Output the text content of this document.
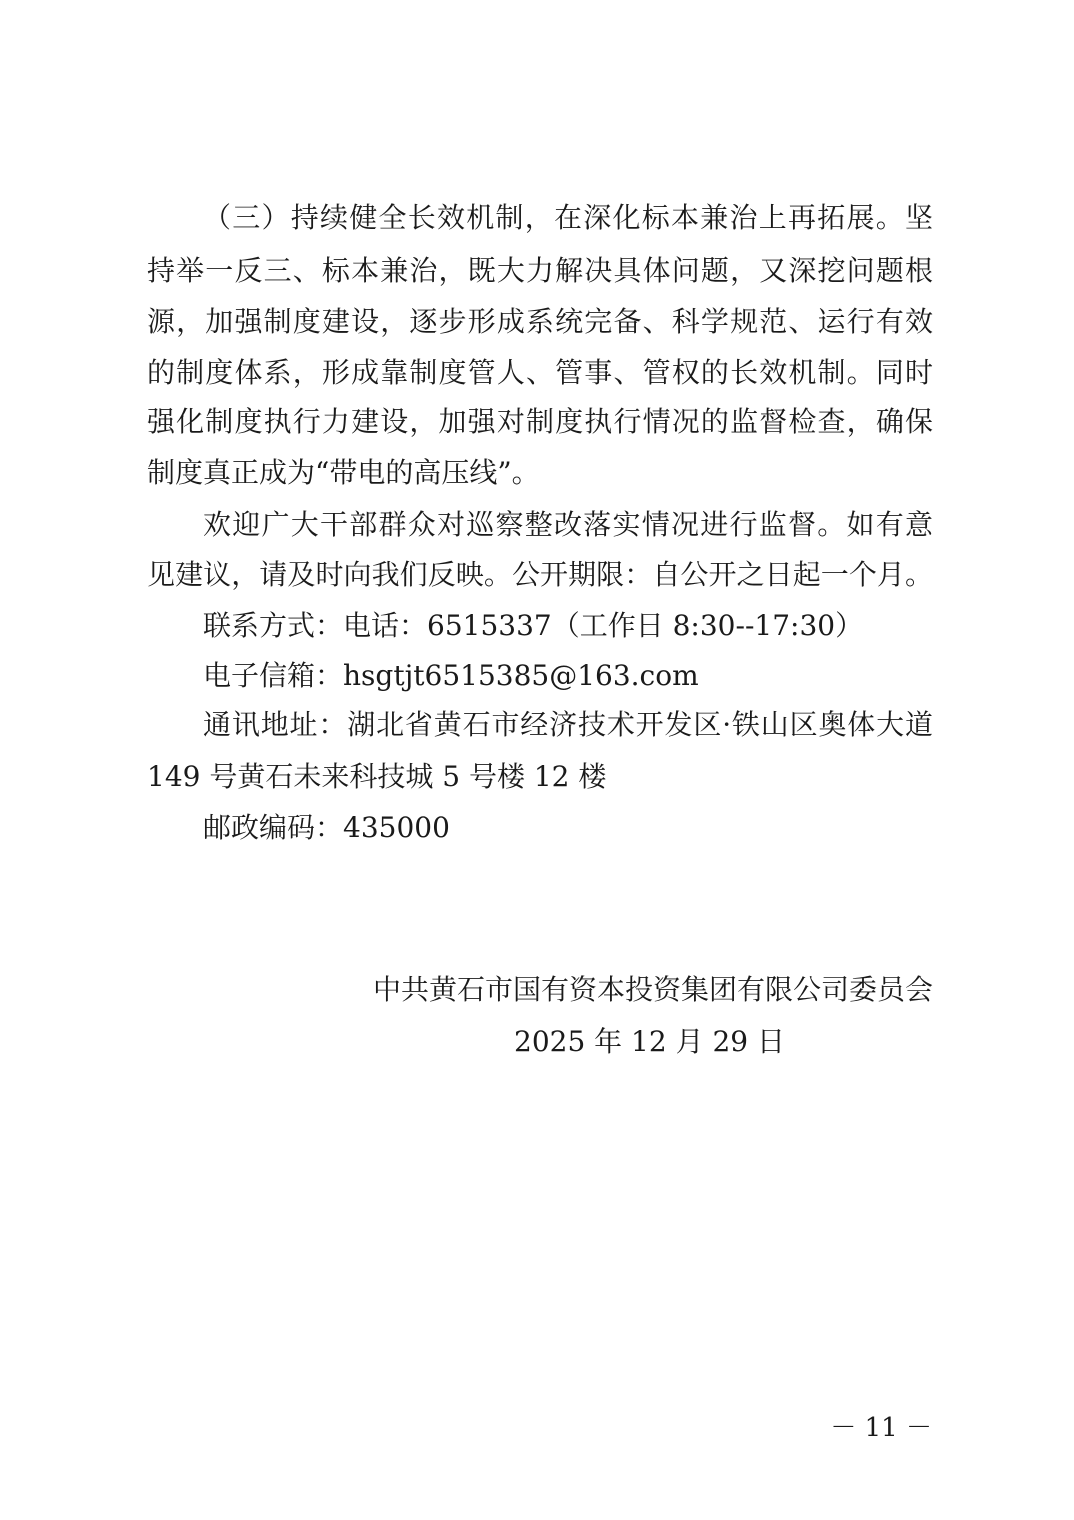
（三）持续健全长效机制，在深化标本兼治上再拓展。坚
持举一反三、标本兼治，既大力解决具体问题，又深挖问题根
源，加强制度建设，逐步形成系统完备、科学规范、运行有效
的制度体系，形成靠制度管人、管事、管权的长效机制。同时
强化制度执行力建设，加强对制度执行情况的监督检查，确保
制度真正成为“带电的高压线”。
欢迎广大干部群众对巡察整改落实情况进行监督。如有意
见建议，请及时向我们反映。公开期限：自公开之日起一个月。
联系方式：电话：6515337（工作日 8:30--17:30）
电子信箱：hsgtjt6515385@163.com
通讯地址：湖北省黄石市经济技术开发区·铁山区奥体大道
149 号黄石未来科技城 5 号楼 12 楼
邮政编码：435000
中共黄石市国有资本投资集团有限公司委员会
2025 年 12 月 29 日
－ 11 －
